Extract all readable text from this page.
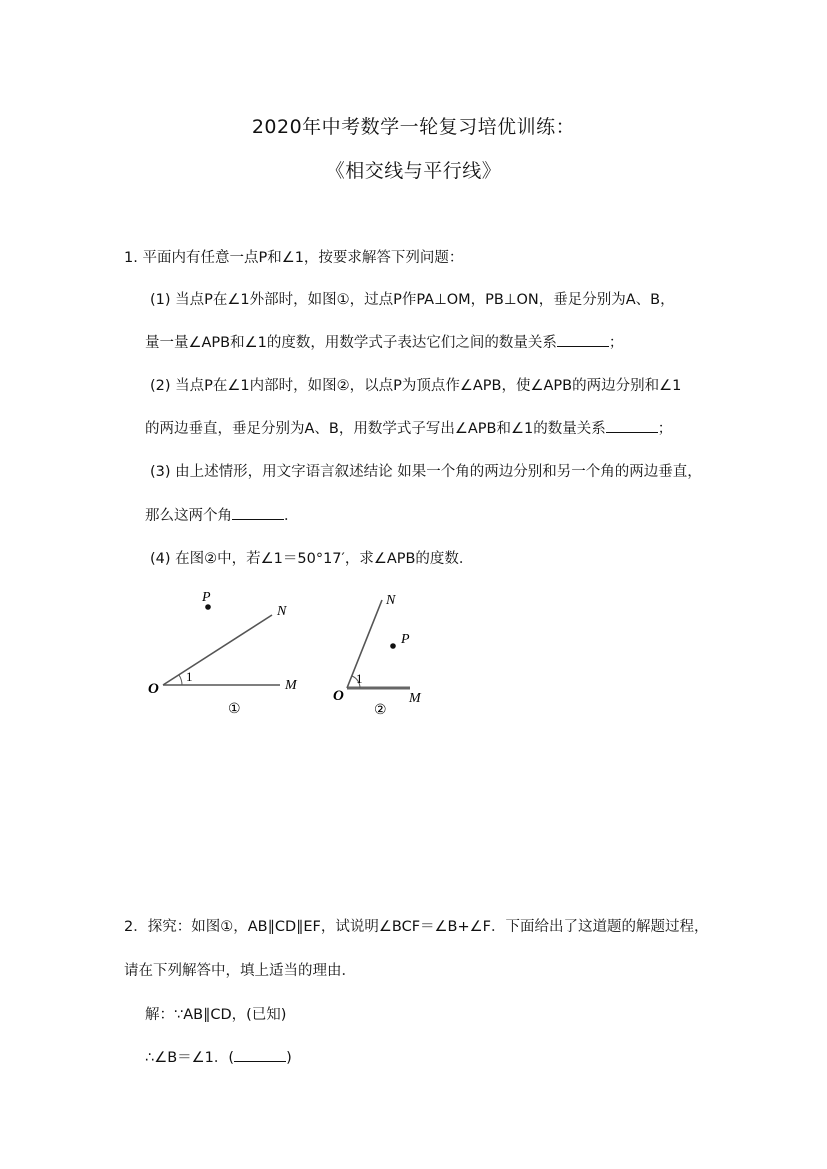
2020年中考数学一轮复习培优训练：
《相交线与平行线》
1. 平面内有任意一点P和∠1，按要求解答下列问题：
(1) 当点P在∠1外部时，如图①，过点P作PA⊥OM，PB⊥ON，垂足分别为A、B，
量一量∠APB和∠1的度数，用数学式子表达它们之间的数量关系	；
(2) 当点P在∠1内部时，如图②，以点P为顶点作∠APB，使∠APB的两边分别和∠1
的两边垂直，垂足分别为A、B，用数学式子写出∠APB和∠1的数量关系	；
(3) 由上述情形，用文字语言叙述结论 如果一个角的两边分别和另一个角的两边垂直，
那么这两个角	．
(4) 在图②中，若∠1＝50°17′，求∠APB的度数．
P
N
O	M
1
①
P
N
O	M
1
②
2．探究：如图①，AB∥CD∥EF，试说明∠BCF＝∠B+∠F．下面给出了这道题的解题过程，
请在下列解答中，填上适当的理由．
解：∵AB∥CD，(已知)
∴∠B＝∠1．(	)
